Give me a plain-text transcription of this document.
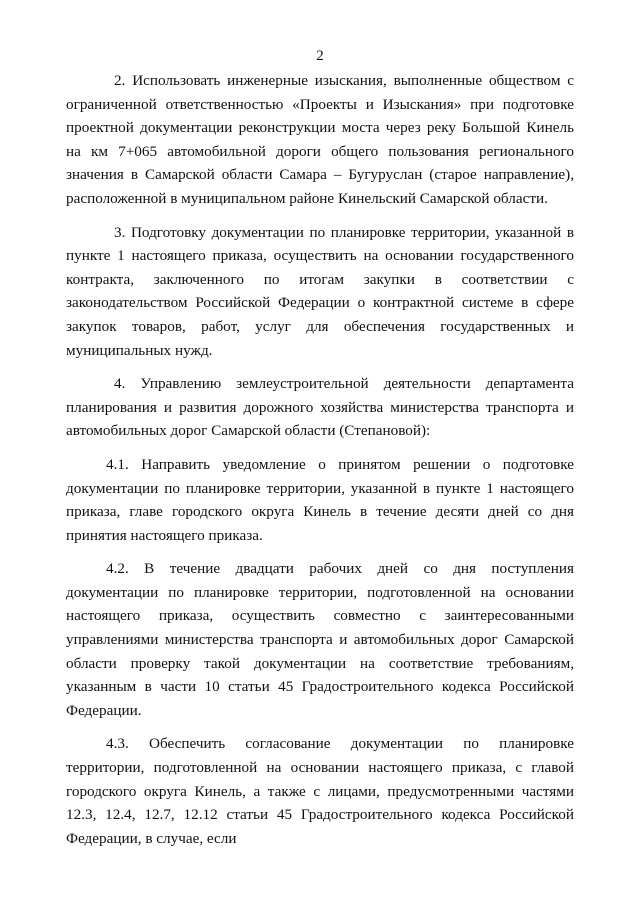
2

2. Использовать инженерные изыскания, выполненные обществом с ограниченной ответственностью «Проекты и Изыскания» при подготовке проектной документации реконструкции моста через реку Большой Кинель на км 7+065 автомобильной дороги общего пользования регионального значения в Самарской области Самара – Бугуруслан (старое направление), расположенной в муниципальном районе Кинельский Самарской области.

3. Подготовку документации по планировке территории, указанной в пункте 1 настоящего приказа, осуществить на основании государственного контракта, заключенного по итогам закупки в соответствии с законодательством Российской Федерации о контрактной системе в сфере закупок товаров, работ, услуг для обеспечения государственных и муниципальных нужд.

4. Управлению землеустроительной деятельности департамента планирования и развития дорожного хозяйства министерства транспорта и автомобильных дорог Самарской области (Степановой):

4.1. Направить уведомление о принятом решении о подготовке документации по планировке территории, указанной в пункте 1 настоящего приказа, главе городского округа Кинель в течение десяти дней со дня принятия настоящего приказа.

4.2. В течение двадцати рабочих дней со дня поступления документации по планировке территории, подготовленной на основании настоящего приказа, осуществить совместно с заинтересованными управлениями министерства транспорта и автомобильных дорог Самарской области проверку такой документации на соответствие требованиям, указанным в части 10 статьи 45 Градостроительного кодекса Российской Федерации.

4.3. Обеспечить согласование документации по планировке территории, подготовленной на основании настоящего приказа, с главой городского округа Кинель, а также с лицами, предусмотренными частями 12.3, 12.4, 12.7, 12.12 статьи 45 Градостроительного кодекса Российской Федерации, в случае, если
